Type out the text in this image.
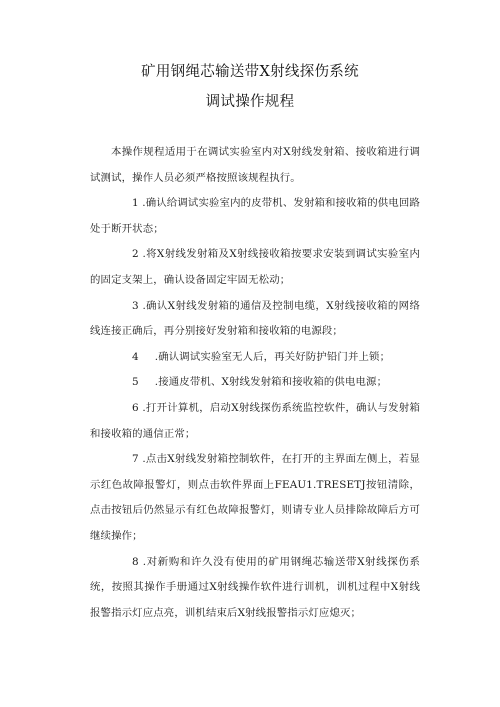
矿用钢绳芯输送带X射线探伤系统
调试操作规程

本操作规程适用于在调试实验室内对X射线发射箱、接收箱进行调试测试，操作人员必须严格按照该规程执行。

1 .确认给调试实验室内的皮带机、发射箱和接收箱的供电回路处于断开状态；

2 .将X射线发射箱及X射线接收箱按要求安装到调试实验室内的固定支架上，确认设备固定牢固无松动；

3 .确认X射线发射箱的通信及控制电缆，X射线接收箱的网络线连接正确后，再分别接好发射箱和接收箱的电源段；

4 .确认调试实验室无人后，再关好防护铅门并上锁；

5 .接通皮带机、X射线发射箱和接收箱的供电电源；

6 .打开计算机，启动X射线探伤系统监控软件，确认与发射箱和接收箱的通信正常；

7 .点击X射线发射箱控制软件，在打开的主界面左侧上，若显示红色故障报警灯，则点击软件界面上FEAU1.TRESETJ按钮清除，点击按钮后仍然显示有红色故障报警灯，则请专业人员排除故障后方可继续操作；

8 .对新购和许久没有使用的矿用钢绳芯输送带X射线探伤系统，按照其操作手册通过X射线操作软件进行训机，训机过程中X射线报警指示灯应点亮，训机结束后X射线报警指示灯应熄灭；
